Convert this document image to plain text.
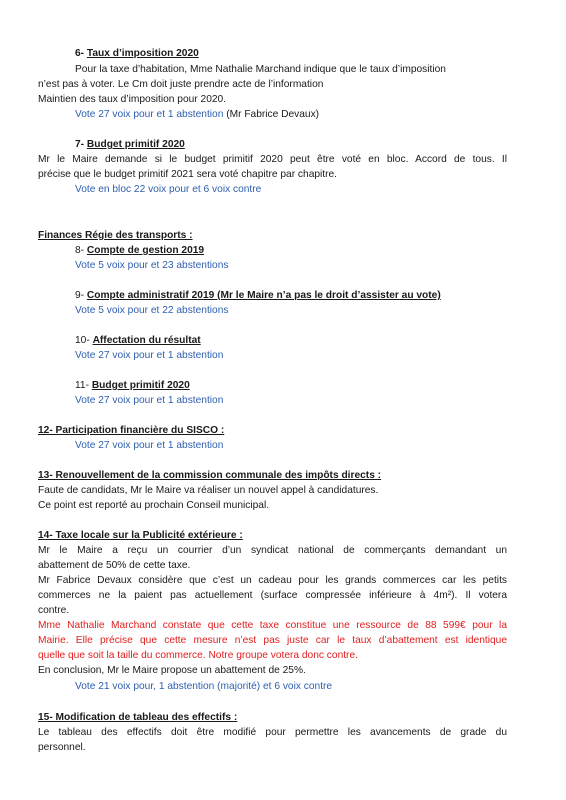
6- Taux d’imposition 2020
Pour la taxe d’habitation, Mme Nathalie Marchand indique que le taux d’imposition
n’est pas à voter. Le Cm doit juste prendre acte de l’information
Maintien des taux d’imposition pour 2020.
Vote 27 voix pour et 1 abstention (Mr Fabrice Devaux)
7- Budget primitif 2020
Mr le Maire demande si le budget primitif 2020 peut être voté en bloc. Accord de tous. Il
précise que le budget primitif 2021 sera voté chapitre par chapitre.
Vote en bloc 22 voix pour et 6 voix contre
Finances Régie des transports :
8- Compte de gestion 2019
Vote 5 voix pour et 23 abstentions
9- Compte administratif 2019 (Mr le Maire n’a pas le droit d’assister au vote)
Vote 5 voix pour et 22 abstentions
10- Affectation du résultat
Vote 27 voix pour et 1 abstention
11- Budget primitif 2020
Vote 27 voix pour et 1 abstention
12- Participation financière du SISCO :
Vote 27 voix pour et 1 abstention
13- Renouvellement de la commission communale des impôts directs :
Faute de candidats, Mr le Maire va réaliser un nouvel appel à candidatures.
Ce point est reporté au prochain Conseil municipal.
14- Taxe locale sur la Publicité extérieure :
Mr le Maire a reçu un courrier d’un syndicat national de commerçants demandant un
abattement de 50% de cette taxe.
Mr Fabrice Devaux considère que c’est un cadeau pour les grands commerces car les petits
commerces ne la paient pas actuellement (surface compressée inférieure à 4m²). Il votera
contre.
Mme Nathalie Marchand constate que cette taxe constitue une ressource de 88 599€ pour la
Mairie. Elle précise que cette mesure n’est pas juste car le taux d’abattement est identique
quelle que soit la taille du commerce. Notre groupe votera donc contre.
En conclusion, Mr le Maire propose un abattement de 25%.
Vote 21 voix pour, 1 abstention (majorité) et 6 voix contre
15- Modification de tableau des effectifs :
Le tableau des effectifs doit être modifié pour permettre les avancements de grade du
personnel.
